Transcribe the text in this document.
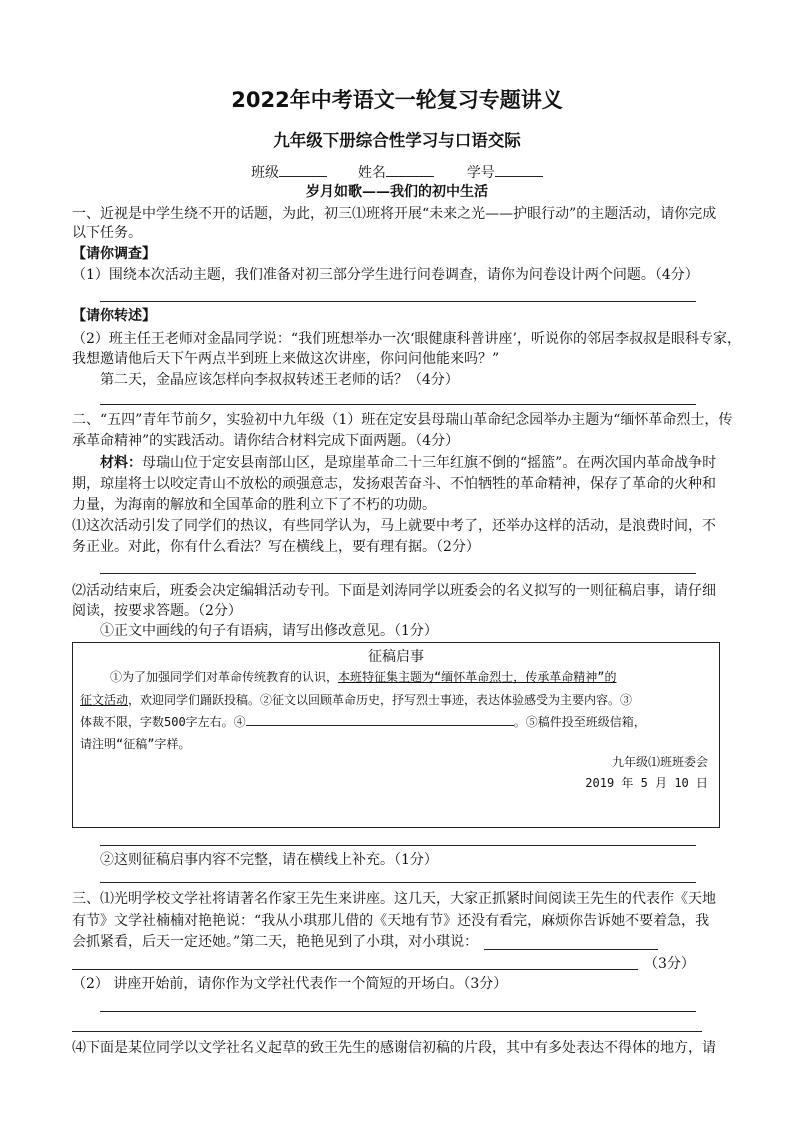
2022年中考语文一轮复习专题讲义
九年级下册综合性学习与口语交际
班级	姓名	学号
岁月如歌——我们的初中生活
一、近视是中学生绕不开的话题，为此，初三⑴班将开展“未来之光——护眼行动”的主题活动，请你完成
以下任务。
【请你调查】
（1）围绕本次活动主题，我们准备对初三部分学生进行问卷调查，请你为问卷设计两个问题。（4分）
【请你转述】
（2）班主任王老师对金晶同学说：“我们班想举办一次‘眼健康科普讲座’，听说你的邻居李叔叔是眼科专家，
我想邀请他后天下午两点半到班上来做这次讲座，你问问他能来吗？”
第二天，金晶应该怎样向李叔叔转述王老师的话？（4分）
二、“五四”青年节前夕，实验初中九年级（1）班在定安县母瑞山革命纪念园举办主题为“缅怀革命烈士，传
承革命精神”的实践活动。请你结合材料完成下面两题。（4分）
材料：母瑞山位于定安县南部山区，是琼崖革命二十三年红旗不倒的“摇篮”。在两次国内革命战争时
期，琼崖将士以咬定青山不放松的顽强意志，发扬艰苦奋斗、不怕牺牲的革命精神，保存了革命的火种和
力量，为海南的解放和全国革命的胜利立下了不朽的功勋。
⑴这次活动引发了同学们的热议，有些同学认为，马上就要中考了，还举办这样的活动，是浪费时间，不
务正业。对此，你有什么看法？写在横线上，要有理有据。（2分）
⑵活动结束后，班委会决定编辑活动专刊。下面是刘涛同学以班委会的名义拟写的一则征稿启事，请仔细
阅读，按要求答题。（2分）
①正文中画线的句子有语病，请写出修改意见。（1分）
征稿启事
①为了加强同学们对革命传统教育的认识，本班特征集主题为“缅怀革命烈士，传承革命精神”的
征文活动，欢迎同学们踊跃投稿。②征文以回顾革命历史，抒写烈士事迹，表达体验感受为主要内容。③
体裁不限，字数500字左右。④	。⑤稿件投至班级信箱，
请注明“征稿”字样。
九年级⑴班班委会
2019 年 5 月 10 日
②这则征稿启事内容不完整，请在横线上补充。（1分）
三、⑴光明学校文学社将请著名作家王先生来讲座。这几天，大家正抓紧时间阅读王先生的代表作《天地
有节》文学社楠楠对艳艳说：“我从小琪那儿借的《天地有节》还没有看完，麻烦你告诉她不要着急，我
会抓紧看，后天一定还她。”第二天，艳艳见到了小琪，对小琪说：
（3分）
（2） 讲座开始前，请你作为文学社代表作一个简短的开场白。（3分）
⑷下面是某位同学以文学社名义起草的致王先生的感谢信初稿的片段，其中有多处表达不得体的地方，请
